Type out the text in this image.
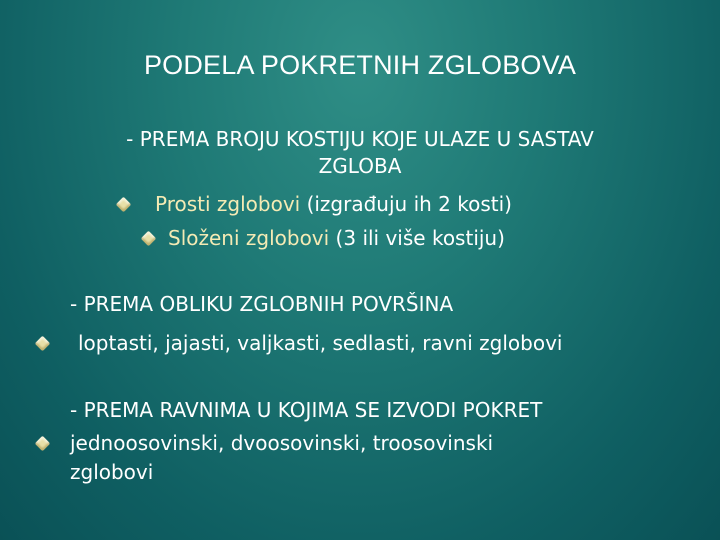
PODELA POKRETNIH ZGLOBOVA
- PREMA BROJU KOSTIJU KOJE ULAZE U SASTAV
ZGLOBA
Prosti zglobovi (izgrađuju ih 2 kosti)
Složeni zglobovi (3 ili više kostiju)
- PREMA OBLIKU ZGLOBNIH POVRŠINA
loptasti, jajasti, valjkasti, sedlasti, ravni zglobovi
- PREMA RAVNIMA U KOJIMA SE IZVODI POKRET
jednoosovinski, dvoosovinski, troosovinski
zglobovi
